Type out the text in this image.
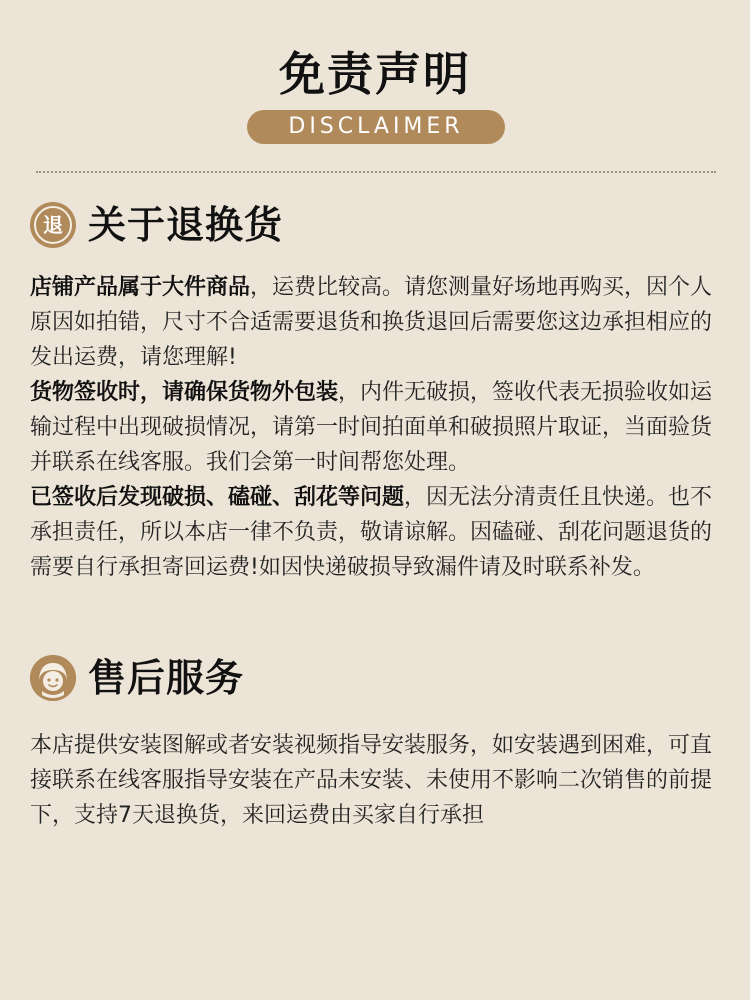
免责声明
DISCLAIMER
退 关于退换货

店铺产品属于大件商品，运费比较高。请您测量好场地再购买，因个人原因如拍错，尺寸不合适需要退货和换货退回后需要您这边承担相应的发出运费，请您理解!

货物签收时，请确保货物外包装，内件无破损，签收代表无损验收如运输过程中出现破损情况，请第一时间拍面单和破损照片取证，当面验货并联系在线客服。我们会第一时间帮您处理。

已签收后发现破损、磕碰、刮花等问题，因无法分清责任且快递。也不承担责任，所以本店一律不负责，敬请谅解。因磕碰、刮花问题退货的需要自行承担寄回运费!如因快递破损导致漏件请及时联系补发。

售后服务

本店提供安装图解或者安装视频指导安装服务，如安装遇到困难，可直接联系在线客服指导安装在产品未安装、未使用不影响二次销售的前提下，支持7天退换货，来回运费由买家自行承担
